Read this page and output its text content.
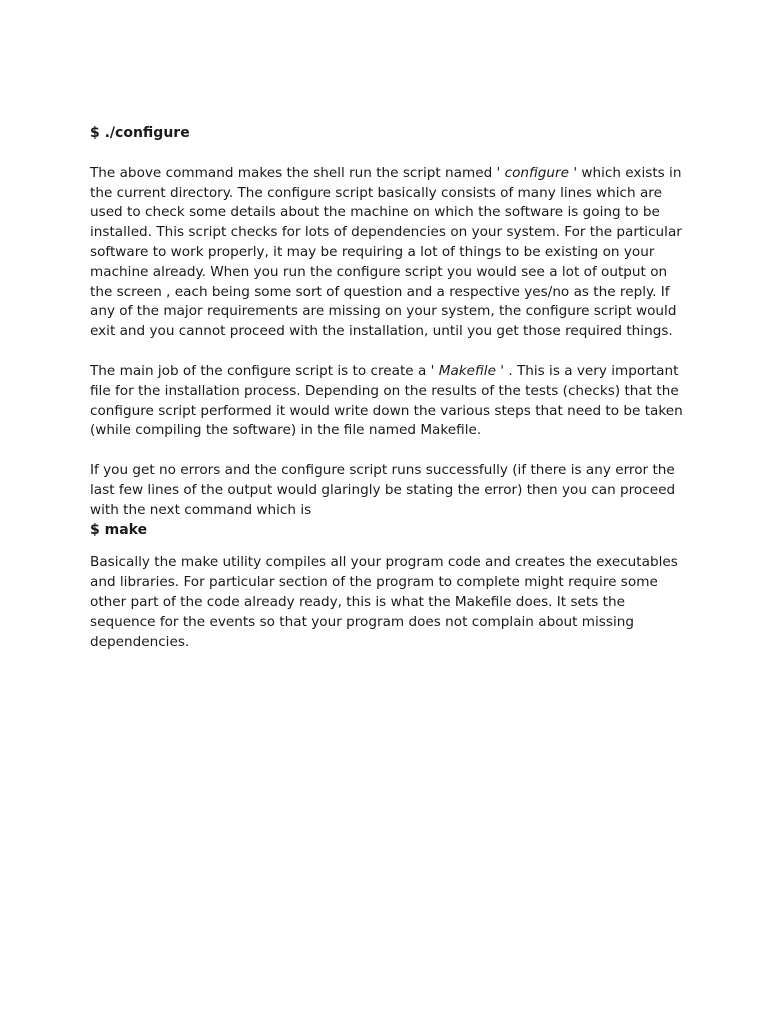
$ ./configure

The above command makes the shell run the script named ' configure ' which exists in the current directory. The configure script basically consists of many lines which are used to check some details about the machine on which the software is going to be installed. This script checks for lots of dependencies on your system. For the particular software to work properly, it may be requiring a lot of things to be existing on your machine already. When you run the configure script you would see a lot of output on the screen , each being some sort of question and a respective yes/no as the reply. If any of the major requirements are missing on your system, the configure script would exit and you cannot proceed with the installation, until you get those required things.

The main job of the configure script is to create a ' Makefile ' . This is a very important file for the installation process. Depending on the results of the tests (checks) that the configure script performed it would write down the various steps that need to be taken (while compiling the software) in the file named Makefile.

If you get no errors and the configure script runs successfully (if there is any error the last few lines of the output would glaringly be stating the error) then you can proceed with the next command which is

$ make

Basically the make utility compiles all your program code and creates the executables and libraries. For particular section of the program to complete might require some other part of the code already ready, this is what the Makefile does. It sets the sequence for the events so that your program does not complain about missing dependencies.
